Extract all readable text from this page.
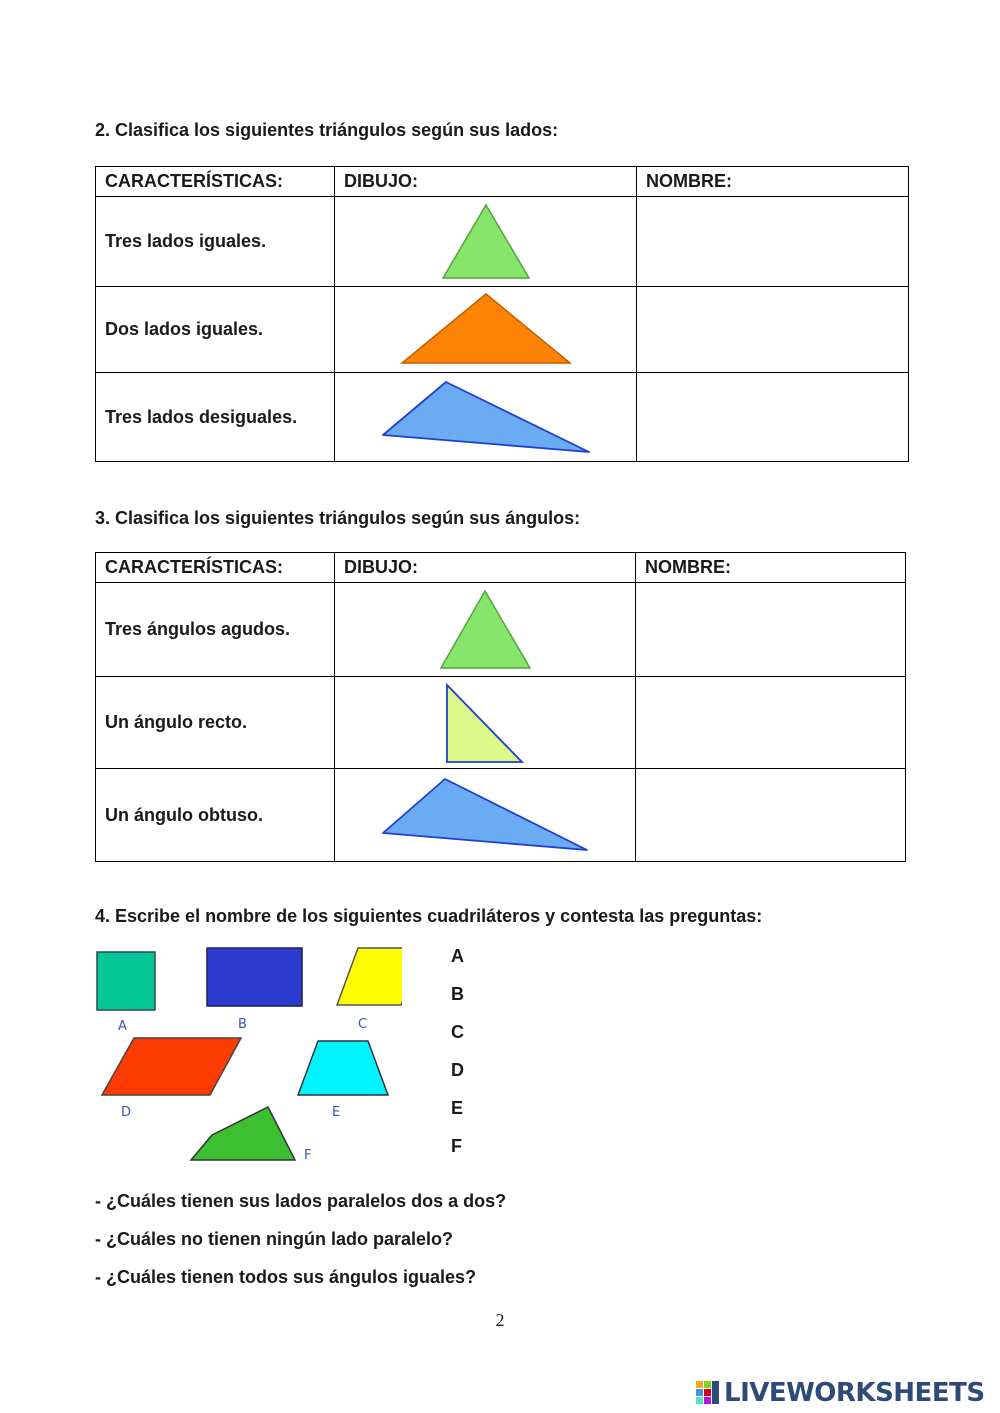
2. Clasifica los siguientes triángulos según sus lados:
CARACTERÍSTICAS:	DIBUJO:	NOMBRE:
Tres lados iguales.	

Dos lados iguales.	

Tres lados desiguales.	

3. Clasifica los siguientes triángulos según sus ángulos:
CARACTERÍSTICAS:	DIBUJO:	NOMBRE:
Tres ángulos agudos.	

Un ángulo recto.	

Un ángulo obtuso.	

4. Escribe el nombre de los siguientes cuadriláteros y contesta las preguntas:
A	B	C
D	E
F
A
B
C
D
E
F
- ¿Cuáles tienen sus lados paralelos dos a dos?
- ¿Cuáles no tienen ningún lado paralelo?
- ¿Cuáles tienen todos sus ángulos iguales?
2
LIVEWORKSHEETS
